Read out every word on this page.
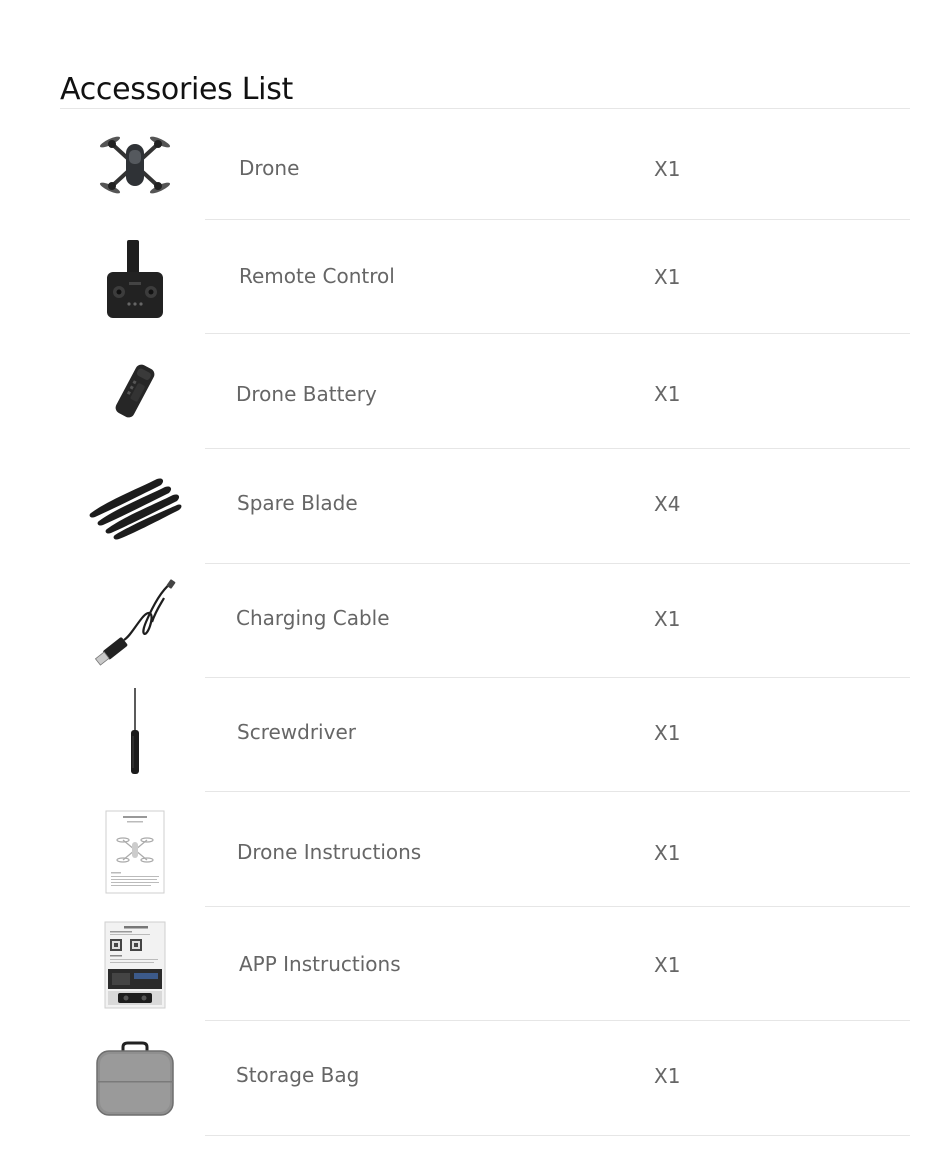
Accessories List
Drone	X1
Remote Control	X1
Drone Battery	X1
Spare Blade	X4
Charging Cable	X1
Screwdriver	X1
Drone Instructions	X1
APP Instructions	X1
Storage Bag	X1
